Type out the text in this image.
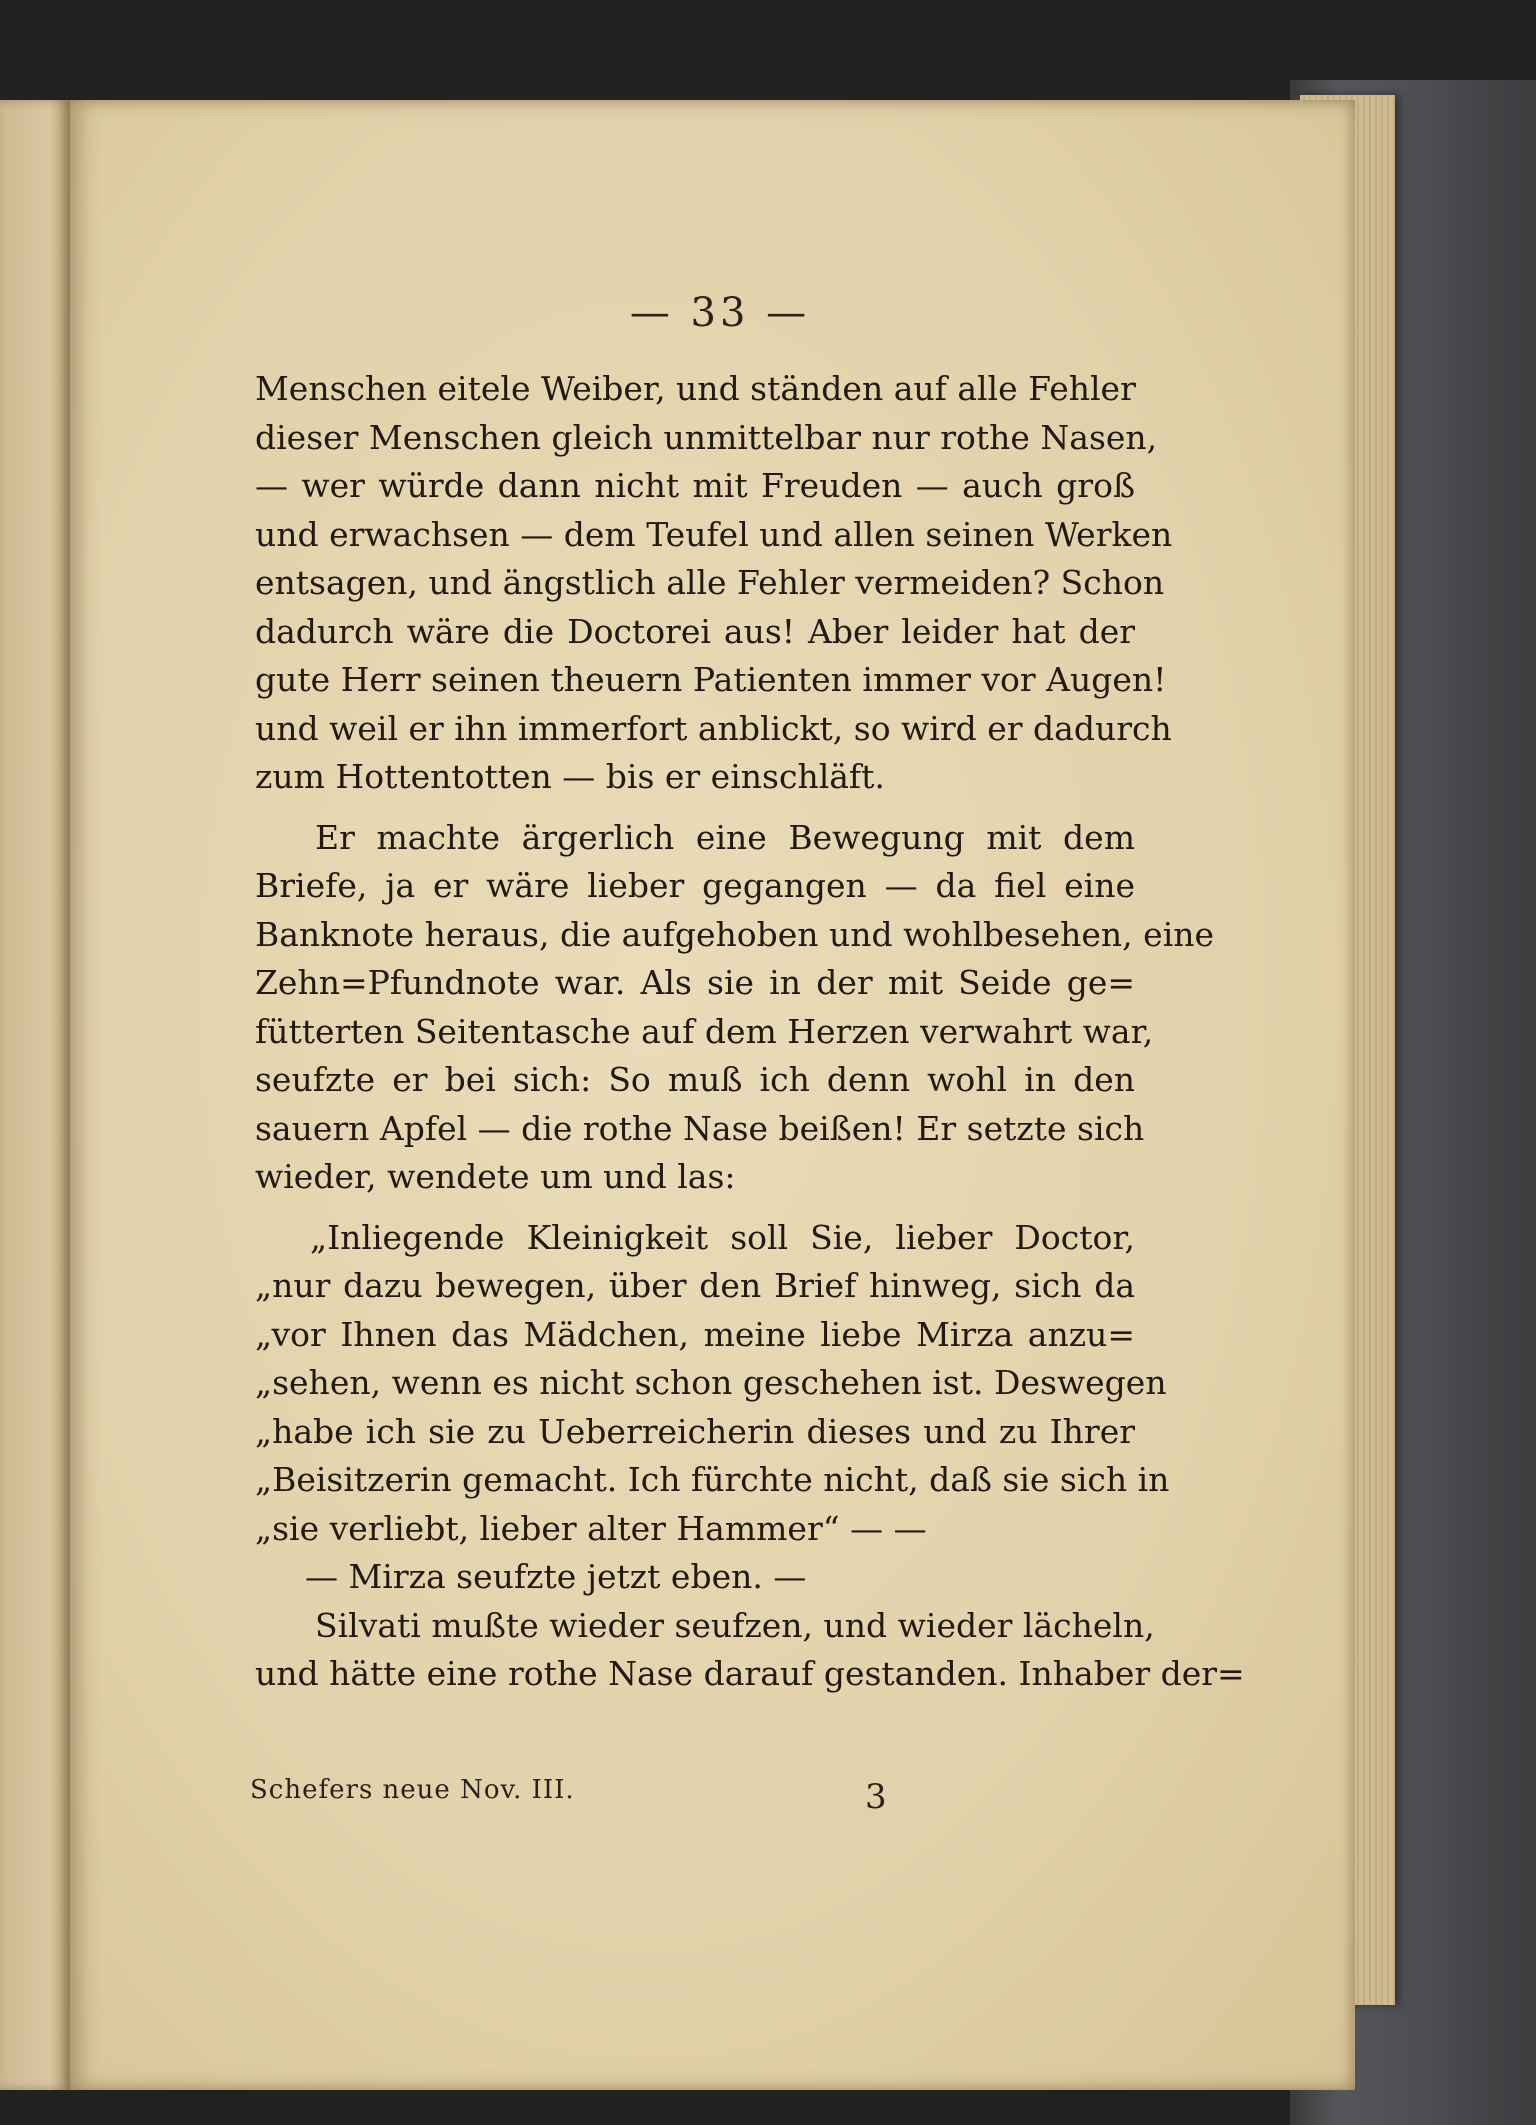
— 33 —
Menschen eitele Weiber, und ständen auf alle Fehler
dieser Menschen gleich unmittelbar nur rothe Nasen,
— wer würde dann nicht mit Freuden — auch groß
und erwachsen — dem Teufel und allen seinen Werken
entsagen, und ängstlich alle Fehler vermeiden? Schon
dadurch wäre die Doctorei aus! Aber leider hat der
gute Herr seinen theuern Patienten immer vor Augen!
und weil er ihn immerfort anblickt, so wird er dadurch
zum Hottentotten — bis er einschläft.
Er machte ärgerlich eine Bewegung mit dem
Briefe, ja er wäre lieber gegangen — da fiel eine
Banknote heraus, die aufgehoben und wohlbesehen, eine
Zehn=Pfundnote war. Als sie in der mit Seide ge=
fütterten Seitentasche auf dem Herzen verwahrt war,
seufzte er bei sich: So muß ich denn wohl in den
sauern Apfel — die rothe Nase beißen! Er setzte sich
wieder, wendete um und las:
„Inliegende Kleinigkeit soll Sie, lieber Doctor,
„nur dazu bewegen, über den Brief hinweg, sich da
„vor Ihnen das Mädchen, meine liebe Mirza anzu=
„sehen, wenn es nicht schon geschehen ist. Deswegen
„habe ich sie zu Ueberreicherin dieses und zu Ihrer
„Beisitzerin gemacht. Ich fürchte nicht, daß sie sich in
„sie verliebt, lieber alter Hammer“ — —
— Mirza seufzte jetzt eben. —
Silvati mußte wieder seufzen, und wieder lächeln,
und hätte eine rothe Nase darauf gestanden. Inhaber der=
Schefers neue Nov. III.	3
